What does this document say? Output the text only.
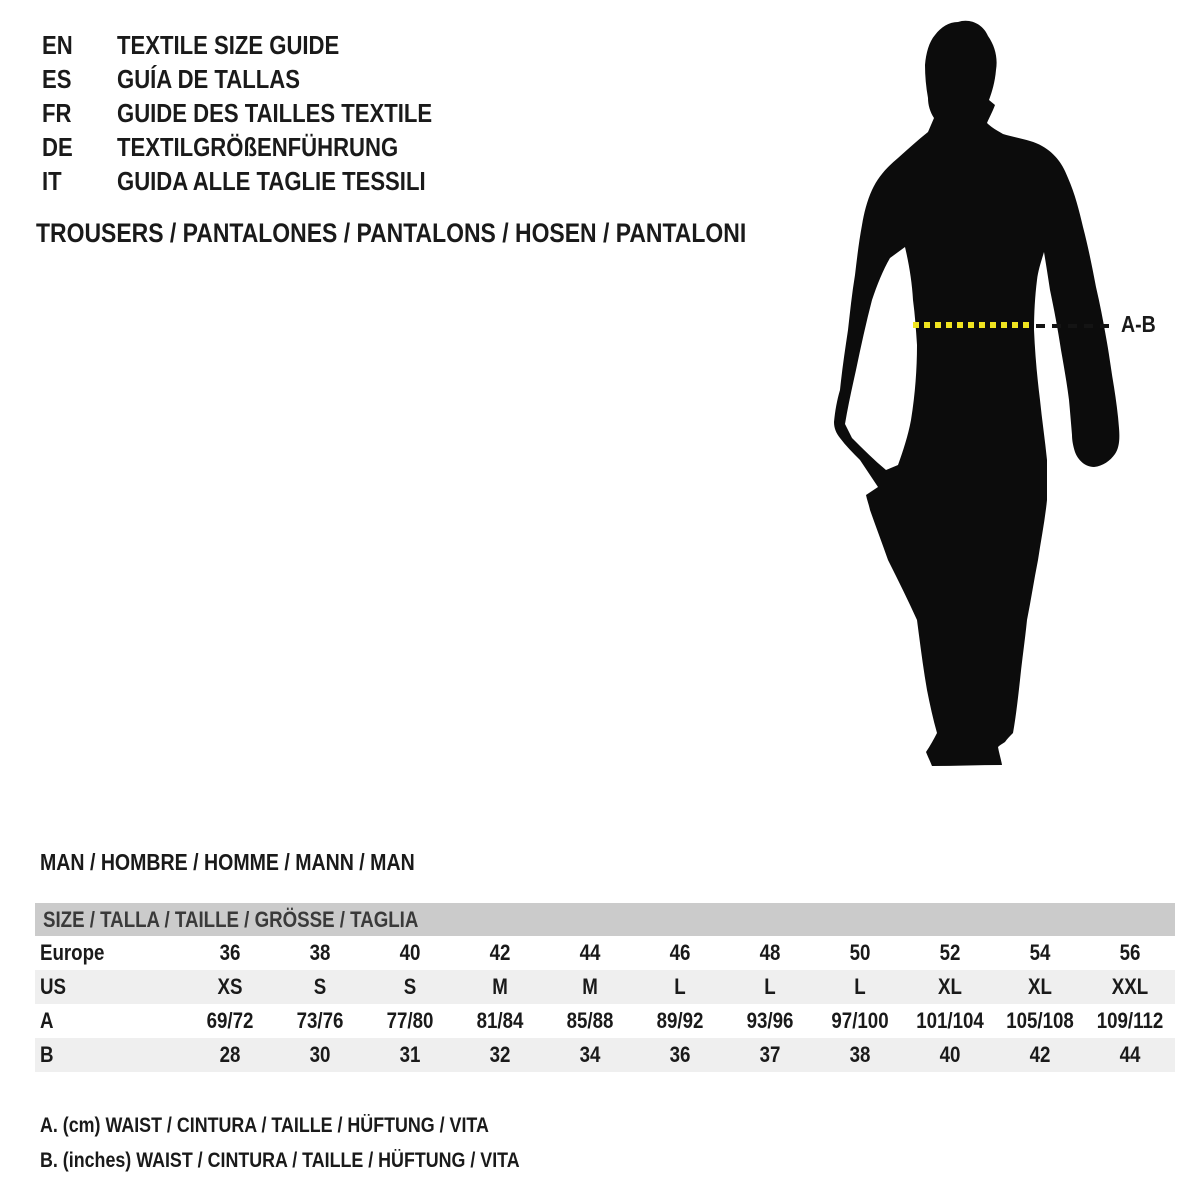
EN TEXTILE SIZE GUIDE
ES GUÍA DE TALLAS
FR GUIDE DES TAILLES TEXTILE
DE TEXTILGRÖßENFÜHRUNG
IT GUIDA ALLE TAGLIE TESSILI
TROUSERS / PANTALONES / PANTALONS / HOSEN / PANTALONI
A-B
MAN / HOMBRE / HOMME / MANN / MAN
SIZE / TALLA / TAILLE / GRÖSSE / TAGLIA
Europe	36	38	40	42	44	46	48	50	52	54	56
US	XS	S	S	M	M	L	L	L	XL	XL	XXL
A	69/72	73/76	77/80	81/84	85/88	89/92	93/96	97/100	101/104 105/108 109/112
B	28	30	31	32	34	36	37	38	40	42	44
A. (cm) WAIST / CINTURA / TAILLE / HÜFTUNG / VITA
B. (inches) WAIST / CINTURA / TAILLE / HÜFTUNG / VITA
